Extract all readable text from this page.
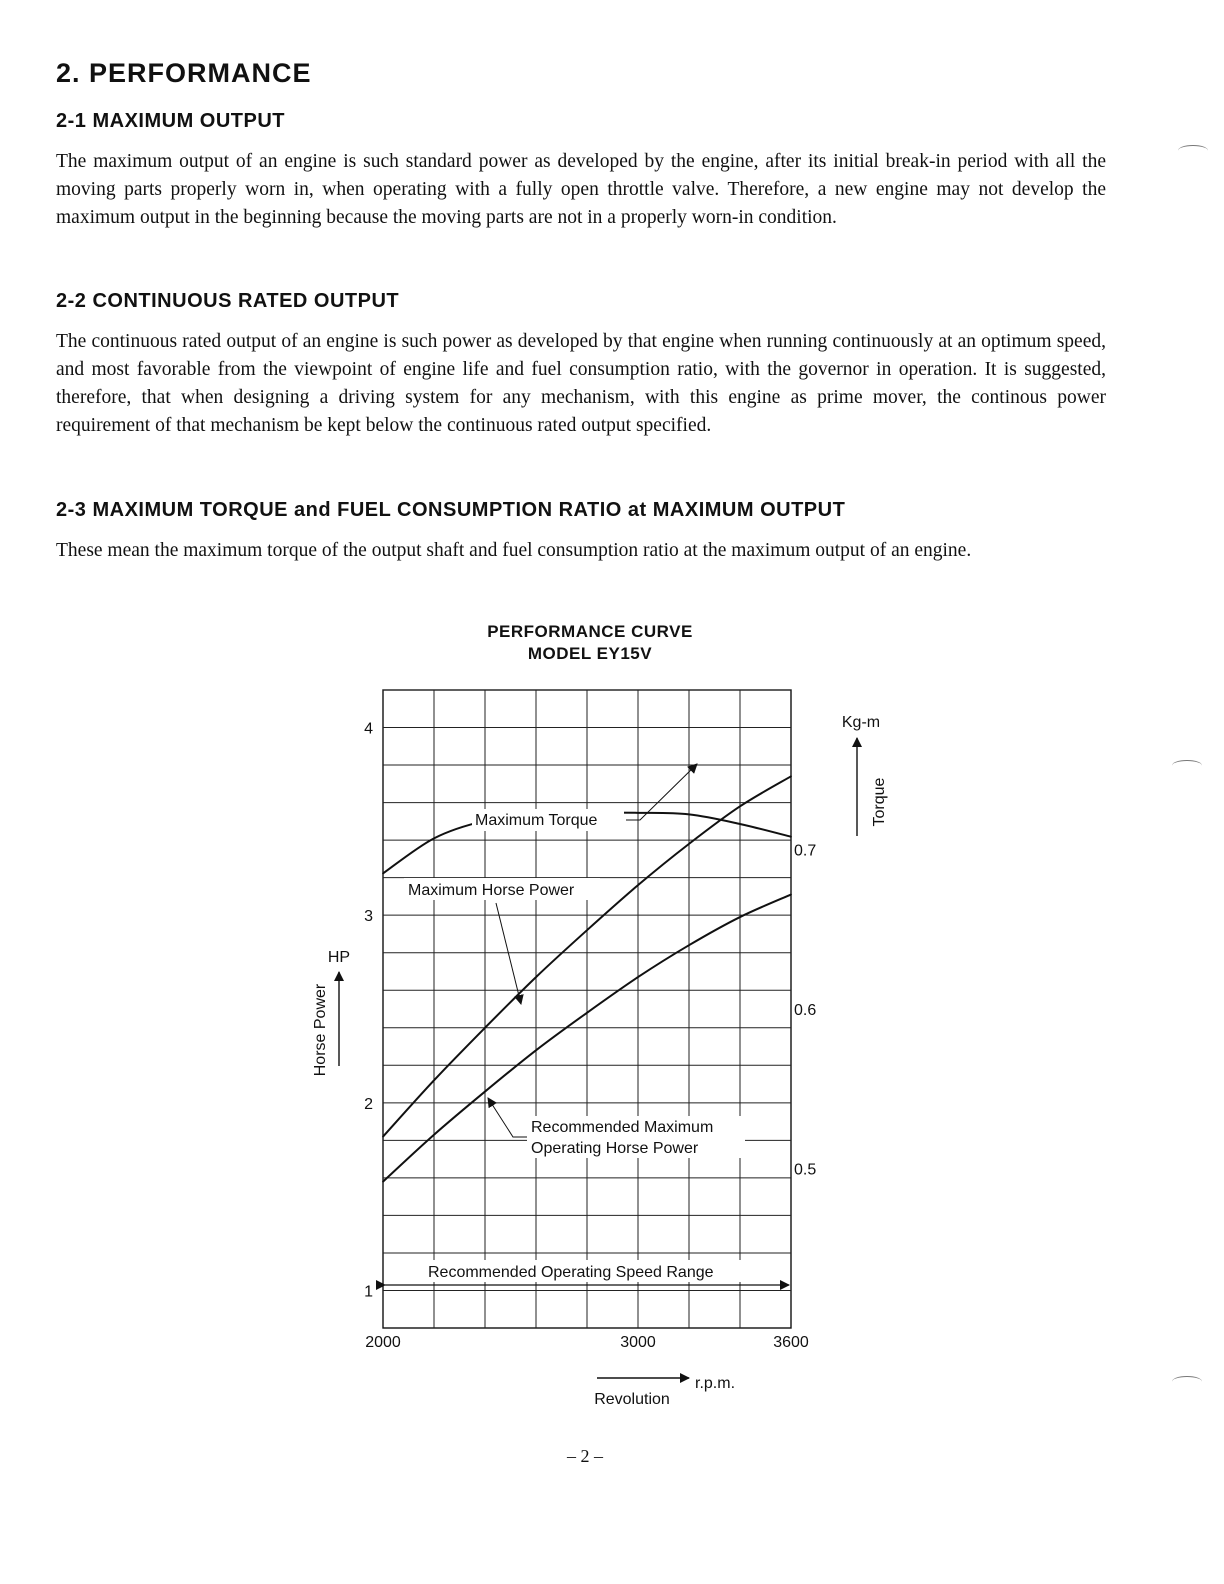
2. PERFORMANCE
2-1 MAXIMUM OUTPUT

The maximum output of an engine is such standard power as developed by the engine, after its initial break-in period with all the moving parts properly worn in, when operating with a fully open throttle valve. Therefore, a new engine may not develop the maximum output in the beginning because the moving parts are not in a properly worn-in condition.

2-2 CONTINUOUS RATED OUTPUT

The continuous rated output of an engine is such power as developed by that engine when running continuously at an optimum speed, and most favorable from the viewpoint of engine life and fuel consumption ratio, with the governor in operation. It is suggested, therefore, that when designing a driving system for any mechanism, with this engine as prime mover, the continous power requirement of that mechanism be kept below the continuous rated output specified.

2-3 MAXIMUM TORQUE and FUEL CONSUMPTION RATIO at MAXIMUM OUTPUT

These mean the maximum torque of the output shaft and fuel consumption ratio at the maximum output of an engine.

PERFORMANCE CURVE
MODEL EY15V
2000	3000	3600
1
2
3
4
0.5
0.6
0.7
Maximum Torque
Maximum Horse Power
Recommended Maximum
Operating Horse Power
Recommended Operating Speed Range
HP
Horse Power
Kg-m
Torque
r.p.m.
Revolution
– 2 –
